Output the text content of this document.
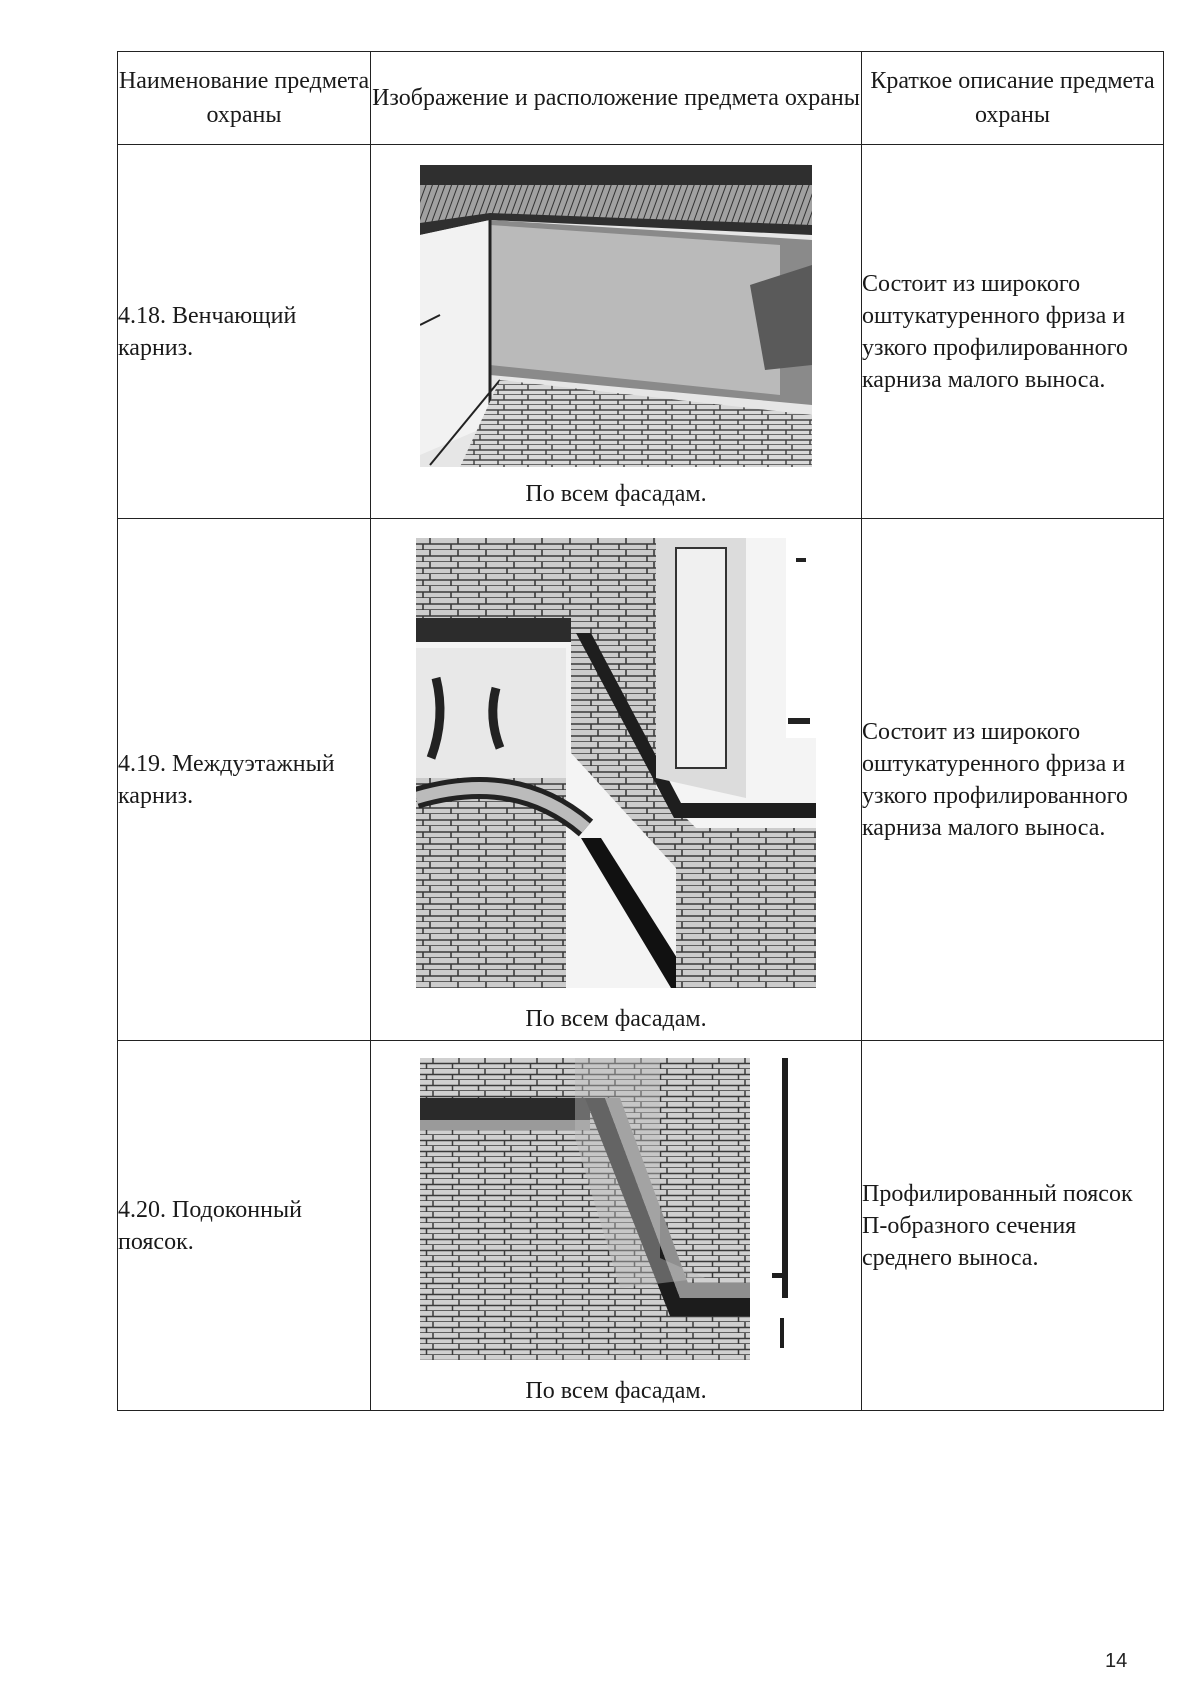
Наименование предмета охраны	Изображение и расположение предмета охраны	Краткое описание предмета охраны
4.18. Венчающий карниз.	По всем фасадам.	Состоит из широкого оштукатуренного фриза и узкого профилированного карниза малого выноса.
4.19. Междуэтажный карниз.	По всем фасадам.	Состоит из широкого оштукатуренного фриза и узкого профилированного карниза малого выноса.
4.20. Подоконный поясок.	По всем фасадам.	Профилированный поясок П-образного сечения среднего выноса.
14
